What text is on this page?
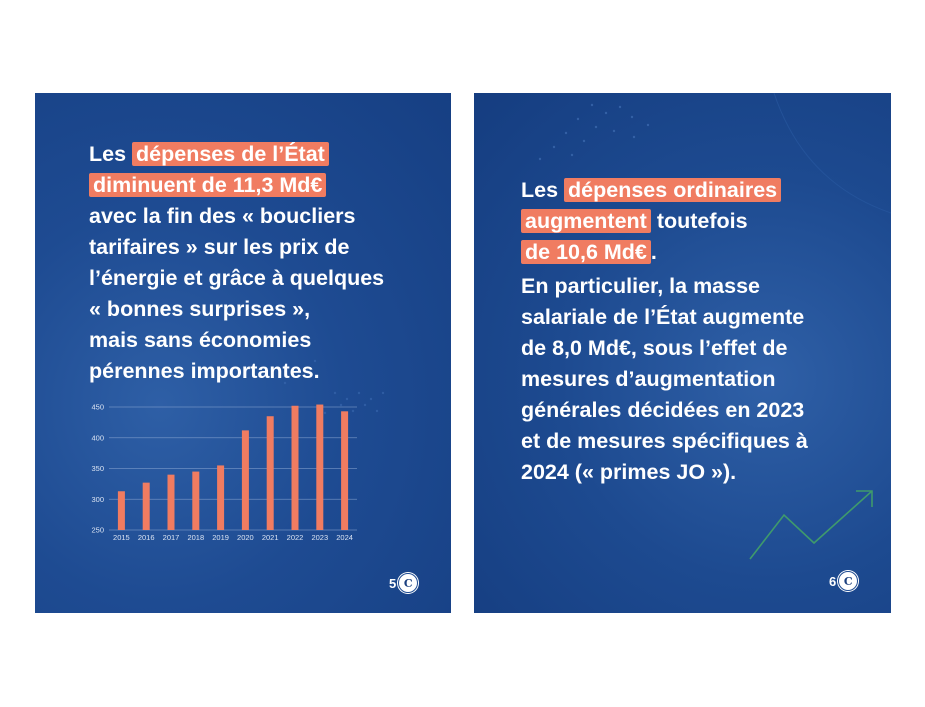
Les dépenses de l’État
diminuent de 11,3 Md€
avec la fin des « boucliers
tarifaires » sur les prix de
l’énergie et grâce à quelques
« bonnes surprises »,
mais sans économies
pérennes importantes.
250
300
350
400
450
2015 2016 2017 2018 2019 2020 2021 2022 2023 2024
5 C
Les dépenses ordinaires
augmentent toutefois
de 10,6 Md€ .
En particulier, la masse
salariale de l’État augmente
de 8,0 Md€, sous l’effet de
mesures d’augmentation
générales décidées en 2023
et de mesures spécifiques à
2024 (« primes JO »).
6 C
